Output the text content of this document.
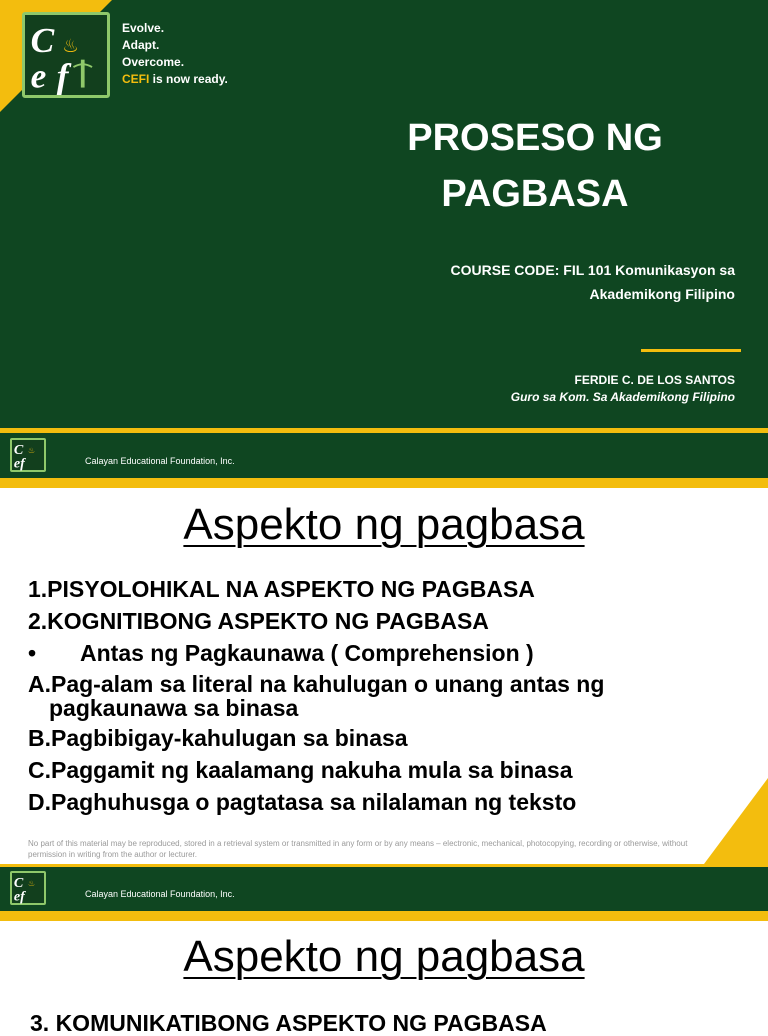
C ♨
e f
Evolve.
Adapt.
Overcome.
CEFI is now ready.
PROSESO NG
PAGBASA
COURSE CODE: FIL 101 Komunikasyon sa
Akademikong Filipino
FERDIE C. DE LOS SANTOS
Guro sa Kom. Sa Akademikong Filipino
C ♨
ef	Calayan Educational Foundation, Inc.
Aspekto ng pagbasa
1.PISYOLOHIKAL NA ASPEKTO NG PAGBASA
2.KOGNITIBONG ASPEKTO NG PAGBASA
•	Antas ng Pagkaunawa ( Comprehension )
A.Pag-alam sa literal na kahulugan o unang antas ng pagkaunawa sa binasa
B.Pagbibigay-kahulugan sa binasa
C.Paggamit ng kaalamang nakuha mula sa binasa
D.Paghuhusga o pagtatasa sa nilalaman ng teksto
No part of this material may be reproduced, stored in a retrieval system or transmitted in any form or by any means – electronic, mechanical, photocopying, recording or otherwise, without permission in writing from the author or lecturer.
C ♨
ef	Calayan Educational Foundation, Inc.
Aspekto ng pagbasa
3. KOMUNIKATIBONG ASPEKTO NG PAGBASA
